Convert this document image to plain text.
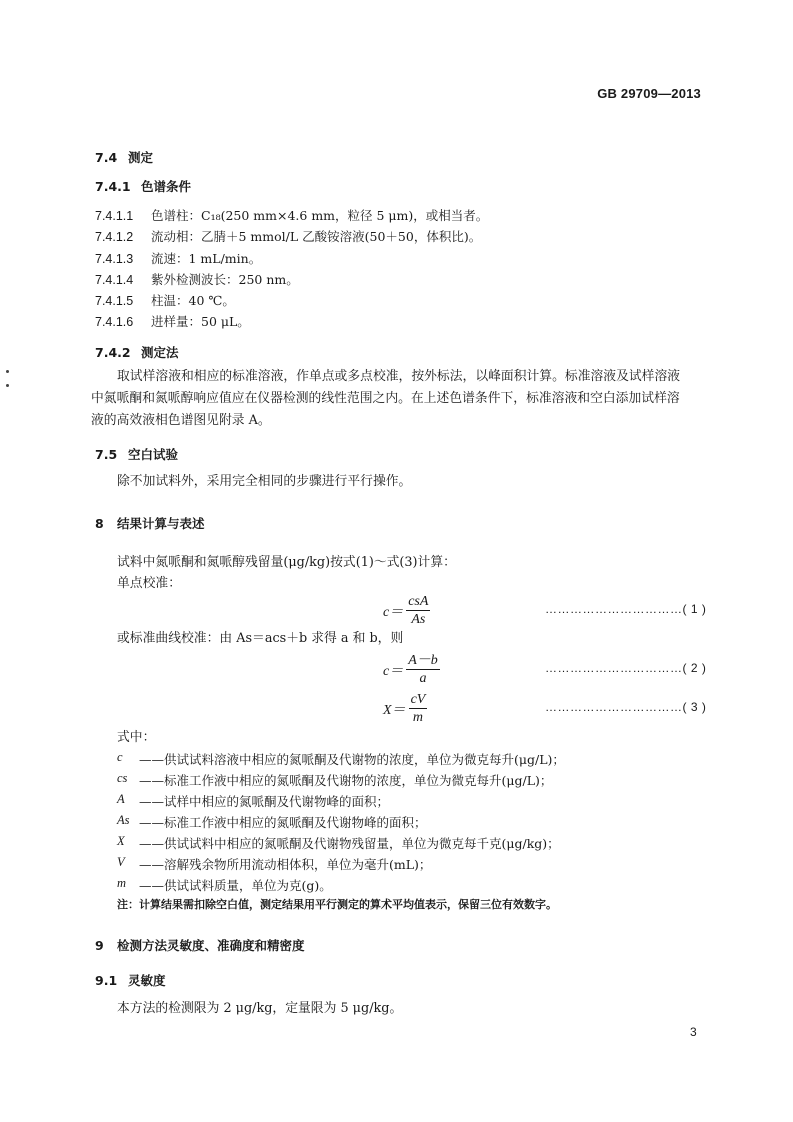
GB 29709—2013
7.4 测定
7.4.1 色谱条件
7.4.1.1 色谱柱：C₁₈(250 mm×4.6 mm，粒径 5 μm)，或相当者。
7.4.1.2 流动相：乙腈＋5 mmol/L 乙酸铵溶液(50＋50，体积比)。
7.4.1.3 流速：1 mL/min。
7.4.1.4 紫外检测波长：250 nm。
7.4.1.5 柱温：40 ℃。
7.4.1.6 进样量：50 μL。
7.4.2 测定法
取试样溶液和相应的标准溶液，作单点或多点校准，按外标法，以峰面积计算。标准溶液及试样溶液中氮哌酮和氮哌醇响应值应在仪器检测的线性范围之内。在上述色谱条件下，标准溶液和空白添加试样溶液的高效液相色谱图见附录 A。
7.5 空白试验
除不加试料外，采用完全相同的步骤进行平行操作。
8 结果计算与表述
试料中氮哌酮和氮哌醇残留量(μg/kg)按式(1)～式(3)计算：
单点校准：
$c= \frac{\text{csA}}{As}$	……………………………( 1 )
或标准曲线校准：由 As＝acs＋b 求得 a 和 b，则
$c= \frac{A-b}{a}$	……………………………( 2 )
$X= \frac{cV}{m}$	……………………………( 3 )
式中：
c	——供试试料溶液中相应的氮哌酮及代谢物的浓度，单位为微克每升(μg/L)；
cs ——标准工作液中相应的氮哌酮及代谢物的浓度，单位为微克每升(μg/L)；
A	——试样中相应的氮哌酮及代谢物峰的面积；
As ——标准工作液中相应的氮哌酮及代谢物峰的面积；
X	——供试试料中相应的氮哌酮及代谢物残留量，单位为微克每千克(μg/kg)；
V	——溶解残余物所用流动相体积，单位为毫升(mL)；
m	——供试试料质量，单位为克(g)。
注：计算结果需扣除空白值，测定结果用平行测定的算术平均值表示，保留三位有效数字。
9 检测方法灵敏度、准确度和精密度
9.1 灵敏度
本方法的检测限为 2 μg/kg，定量限为 5 μg/kg。
3
